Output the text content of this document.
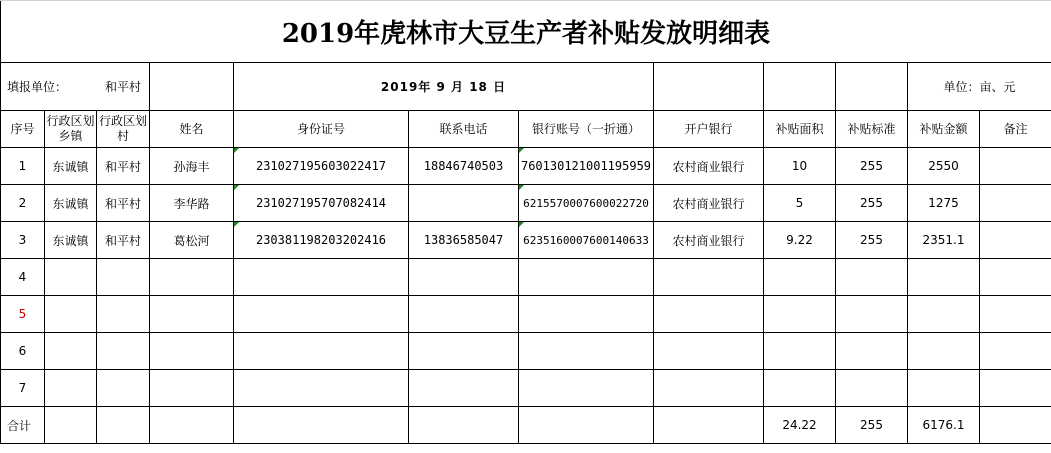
2019年虎林市大豆生产者补贴发放明细表											
填报单位：		和平村		2019年 9 月 18 日						单位：亩、元	
序号	行政区划乡镇	行政区划村	姓名	身份证号	联系电话	银行账号（一折通）	开户银行	补贴面积	补贴标准	补贴金额	备注
1	东诚镇	和平村	孙海丰	231027195603022417	18846740503	760130121001195959	农村商业银行	10	255	2550	
2	东诚镇	和平村	李华路	231027195707082414		6215570007600022720	农村商业银行	5	255	1275	
3	东诚镇	和平村	葛松河	230381198203202416	13836585047	6235160007600140633	农村商业银行	9.22	255	2351.1	
4											
5											
6											
7											
合计								24.22	255	6176.1	
